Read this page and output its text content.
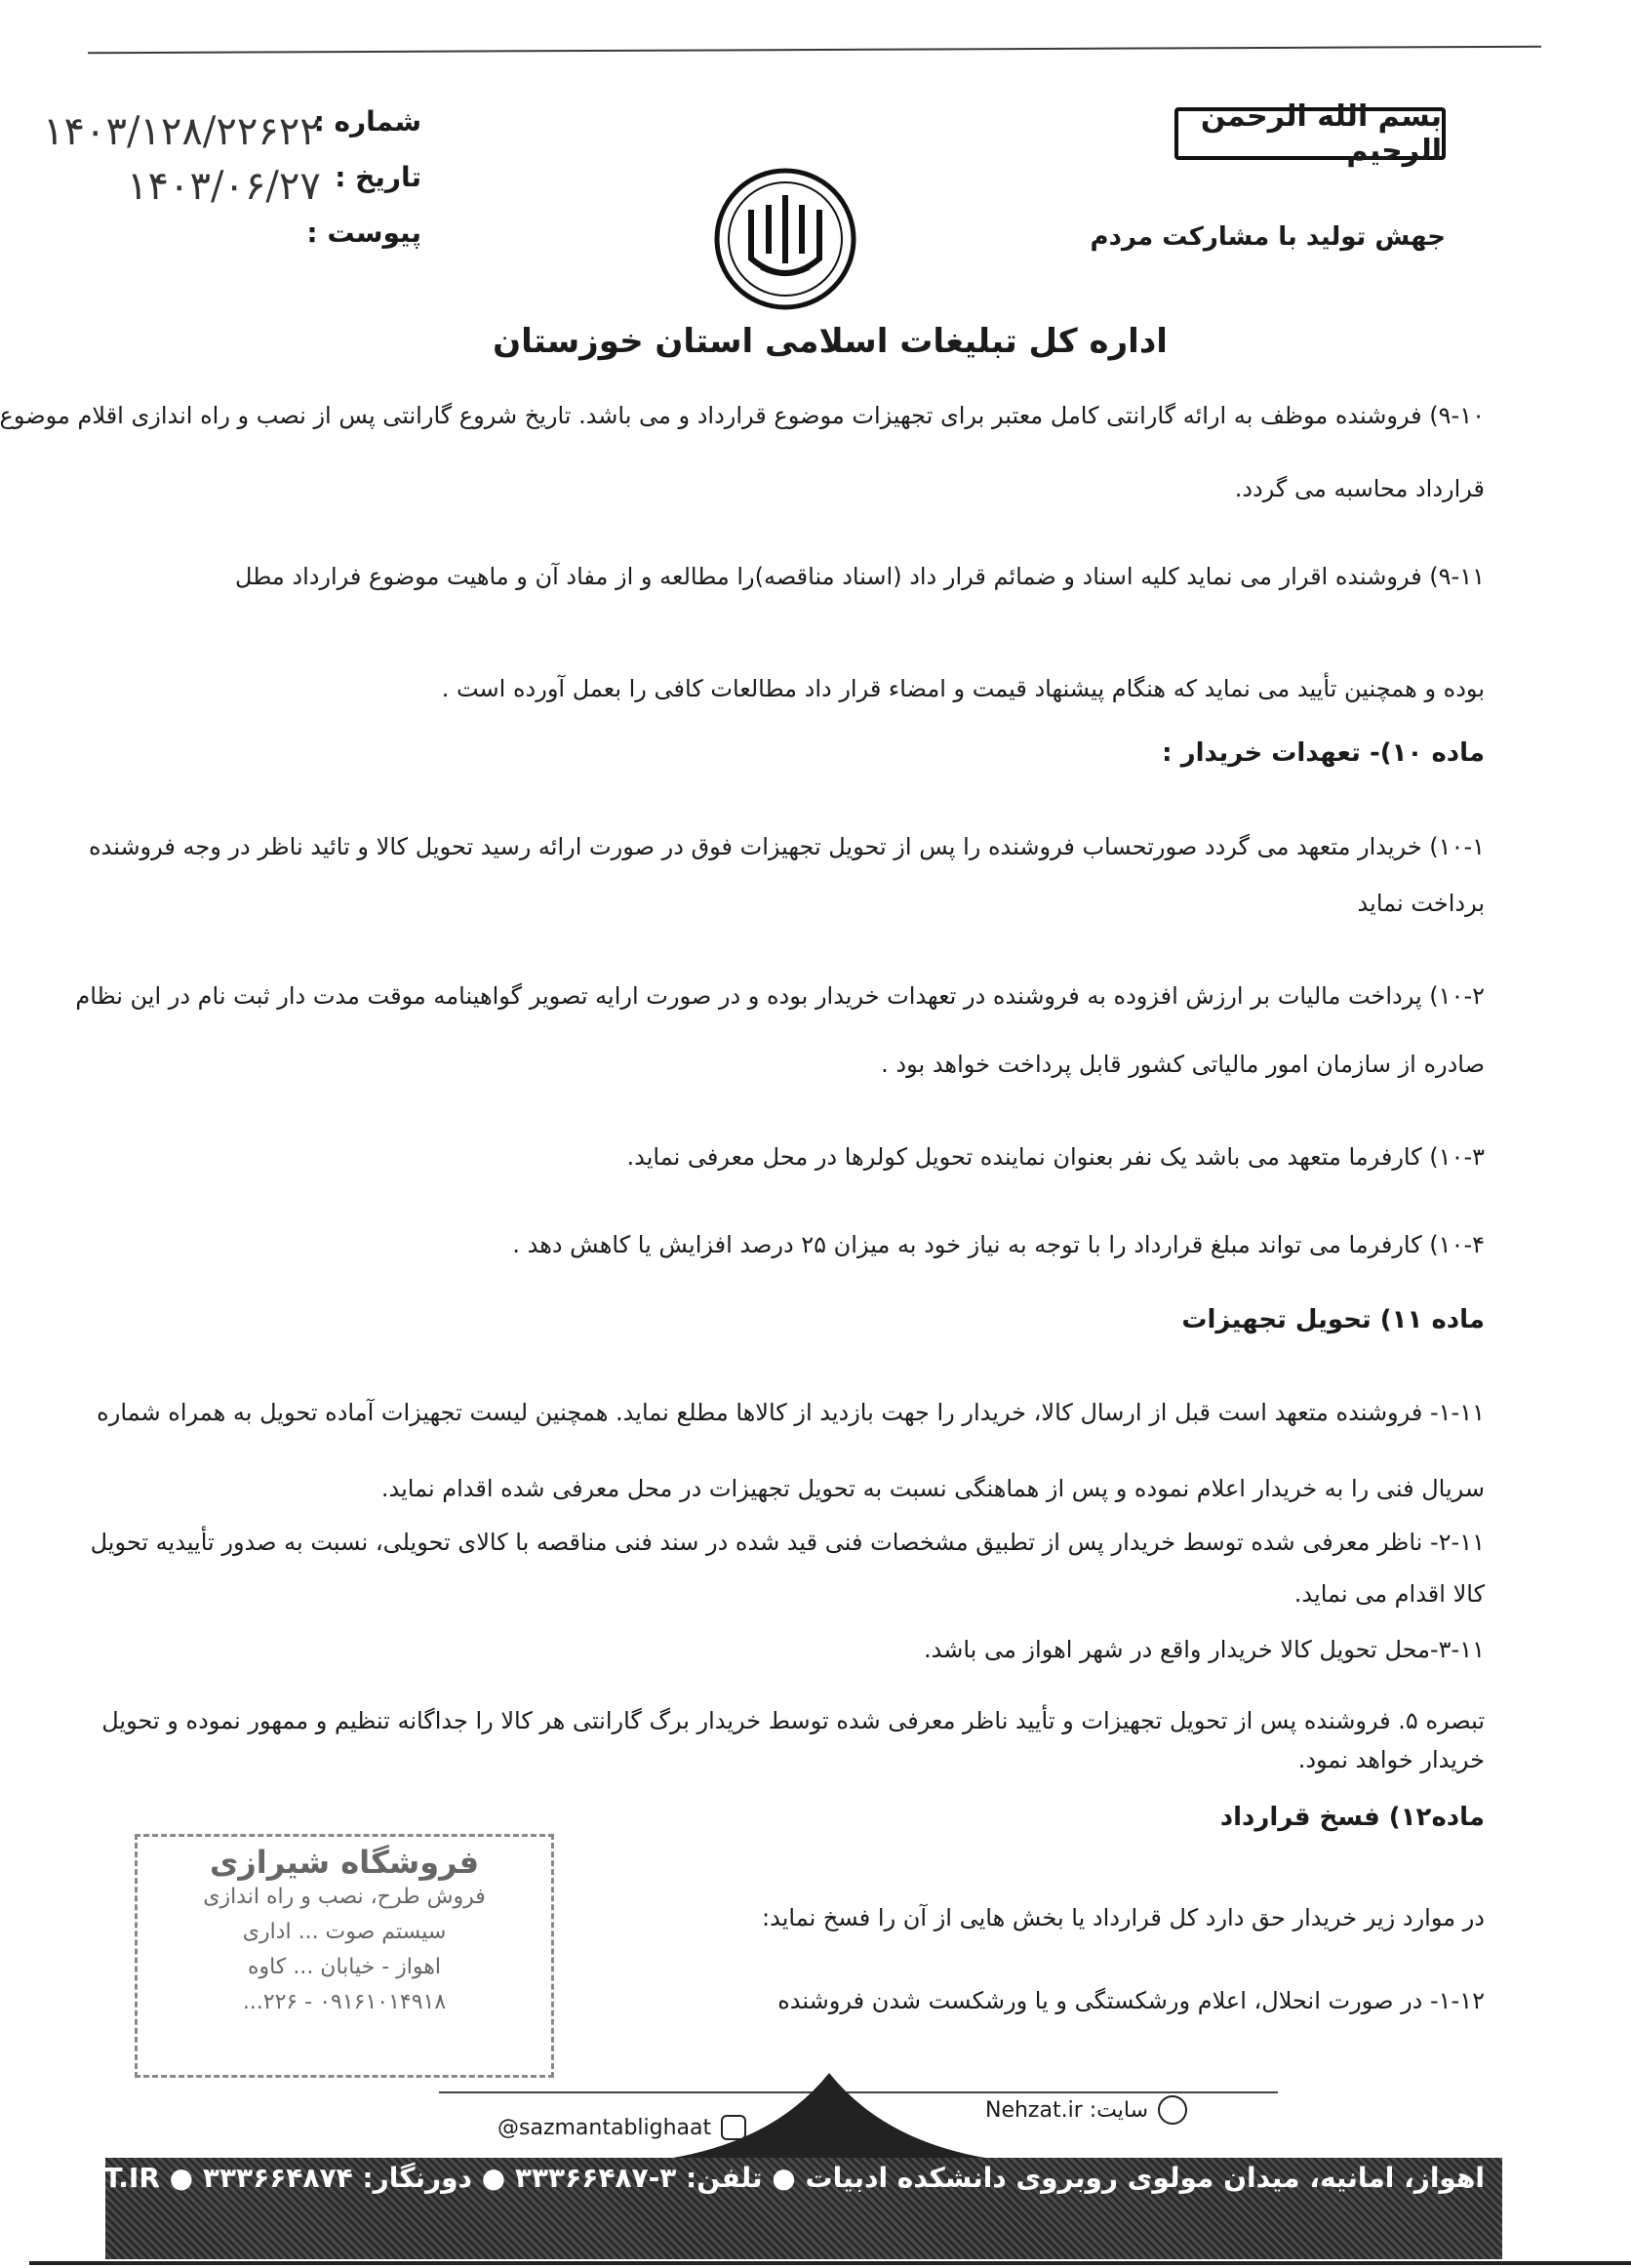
بسم الله الرحمن الرحیم
جهش تولید با مشارکت مردم
شماره :
تاریخ :
پیوست :
۱۴۰۳/۱۲۸/۲۲۶۲۲
۱۴۰۳/۰۶/۲۷
اداره کل تبلیغات اسلامی استان خوزستان
۹-۱۰) فروشنده موظف به ارائه گارانتی کامل معتبر برای تجهیزات موضوع قرارداد و می باشد. تاریخ شروع گارانتی پس از نصب و راه اندازی اقلام موضوع
قرارداد محاسبه می گردد.
۹-۱۱) فروشنده اقرار می نماید کلیه اسناد و ضمائم قرار داد (اسناد مناقصه)را مطالعه و از مفاد آن و ماهیت موضوع فرارداد مطل
بوده و همچنین تأیید می نماید که هنگام پیشنهاد قیمت و امضاء قرار داد مطالعات کافی را بعمل آورده است .
ماده ۱۰)- تعهدات خریدار :
۱۰-۱) خریدار متعهد می گردد صورتحساب فروشنده را پس از تحویل تجهیزات فوق در صورت ارائه رسید تحویل کالا و تائید ناظر در وجه فروشنده
برداخت نماید
۱۰-۲) پرداخت مالیات بر ارزش افزوده به فروشنده در تعهدات خریدار بوده و در صورت ارایه تصویر گواهینامه موقت مدت دار ثبت نام در این نظام
صادره از سازمان امور مالیاتی کشور قابل پرداخت خواهد بود .
۱۰-۳) کارفرما متعهد می باشد یک نفر بعنوان نماینده تحویل کولرها در محل معرفی نماید.
۱۰-۴) کارفرما می تواند مبلغ قرارداد را با توجه به نیاز خود به میزان ۲۵ درصد افزایش یا کاهش دهد .
ماده ۱۱) تحویل تجهیزات
۱-۱۱- فروشنده متعهد است قبل از ارسال کالا، خریدار را جهت بازدید از کالاها مطلع نماید. همچنین لیست تجهیزات آماده تحویل به همراه شماره
سریال فنی را به خریدار اعلام نموده و پس از هماهنگی نسبت به تحویل تجهیزات در محل معرفی شده اقدام نماید.
۲-۱۱- ناظر معرفی شده توسط خریدار پس از تطبیق مشخصات فنی قید شده در سند فنی مناقصه با کالای تحویلی، نسبت به صدور تأییدیه تحویل
کالا اقدام می نماید.
۳-۱۱-محل تحویل کالا خریدار واقع در شهر اهواز می باشد.
تبصره ۵. فروشنده پس از تحویل تجهیزات و تأیید ناظر معرفی شده توسط خریدار برگ گارانتی هر کالا را جداگانه تنظیم و ممهور نموده و تحویل
خریدار خواهد نمود.
ماده۱۲) فسخ قرارداد
در موارد زیر خریدار حق دارد کل قرارداد یا بخش هایی از آن را فسخ نماید:
۱-۱۲- در صورت انحلال، اعلام ورشکستگی و یا ورشکست شدن فروشنده
فروشگاه شیرازی
فروش طرح، نصب و راه اندازی
سیستم صوت ... اداری
اهواز - خیابان ... کاوه
۰۹۱۶۱۰۱۴۹۱۸ - ۲۲۶...
سایت: Nehzat.ir
@sazmantablighaat
اهواز، امانیه، میدان مولوی روبروی دانشکده ادبیات ● تلفن: ۳-۳۳۳۶۶۴۸۷ ● دورنگار: ۳۳۳۶۶۴۸۷۴ ● NEHZAT.IR
